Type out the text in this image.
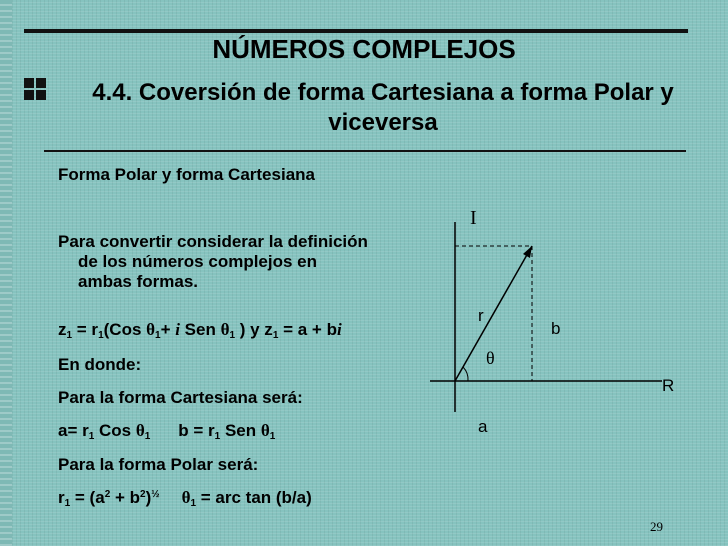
NÚMEROS COMPLEJOS
4.4. Coversión de forma Cartesiana a forma Polar y
viceversa
Forma Polar y forma Cartesiana
Para convertir considerar la definición
de los números complejos en
ambas formas.
$z_1 = r_1(Cos$ $\theta_1+ i$ Sen $\theta_1$ ) y $z_1 = a$ + bi
En donde:
Para la forma Cartesiana será:
$a= r_1$ Cos $\theta_1$ $b = r_1$ Sen $\theta_1$
Para la forma Polar será:
$r_1 = (a^2 + b^2)^{\frac{1}{2}}$ $\theta_1$ = arc tan (b/a)
I
R
r
b
θ
a
29
